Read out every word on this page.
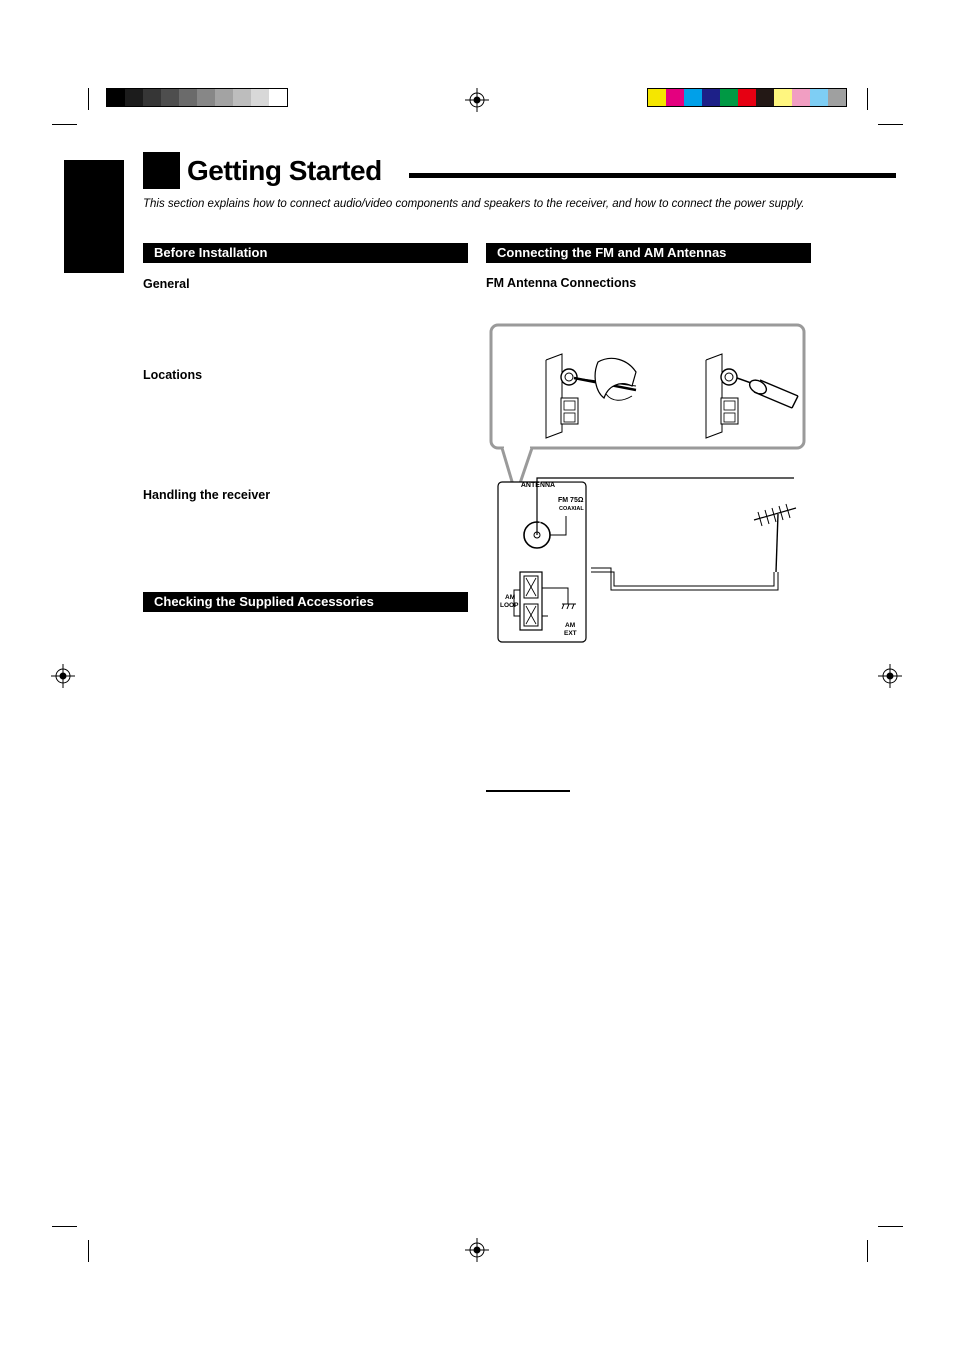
Getting Started
This section explains how to connect audio/video components and speakers to the receiver, and how to connect the power supply.
Before Installation
General
Locations
Handling the receiver
Checking the Supplied Accessories
Connecting the FM and AM Antennas
FM Antenna Connections
ANTENNA
FM 75Ω
COAXIAL
AM
LOOP
AM
EXT
